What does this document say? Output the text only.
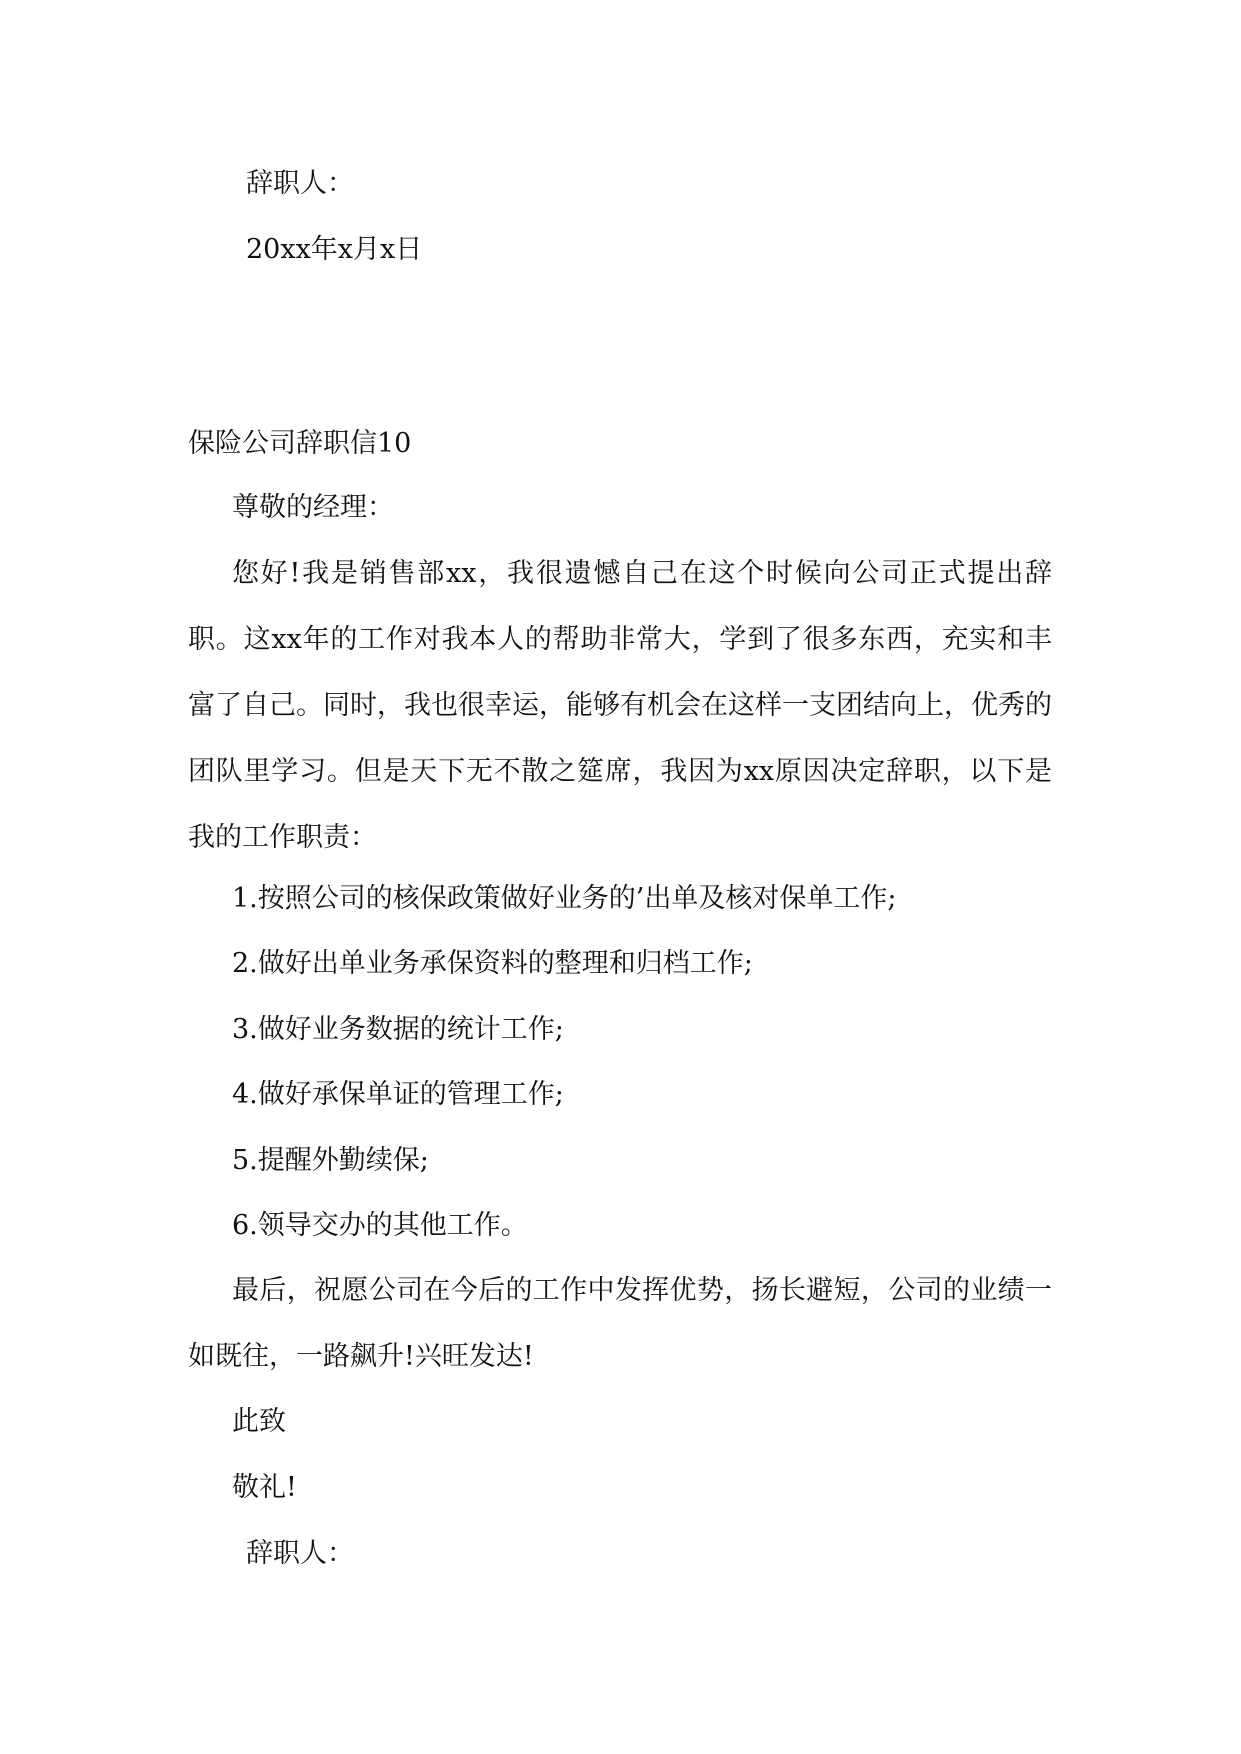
辞职人：
20xx年x月x日
保险公司辞职信10
尊敬的经理：
您好!我是销售部xx，我很遗憾自己在这个时候向公司正式提出辞职。这xx年的工作对我本人的帮助非常大，学到了很多东西，充实和丰富了自己。同时，我也很幸运，能够有机会在这样一支团结向上，优秀的团队里学习。但是天下无不散之筵席，我因为xx原因决定辞职，以下是我的工作职责：
1.按照公司的核保政策做好业务的’出单及核对保单工作;
2.做好出单业务承保资料的整理和归档工作;
3.做好业务数据的统计工作;
4.做好承保单证的管理工作;
5.提醒外勤续保;
6.领导交办的其他工作。
最后，祝愿公司在今后的工作中发挥优势，扬长避短，公司的业绩一如既往，一路飙升!兴旺发达!
此致
敬礼!
辞职人：
